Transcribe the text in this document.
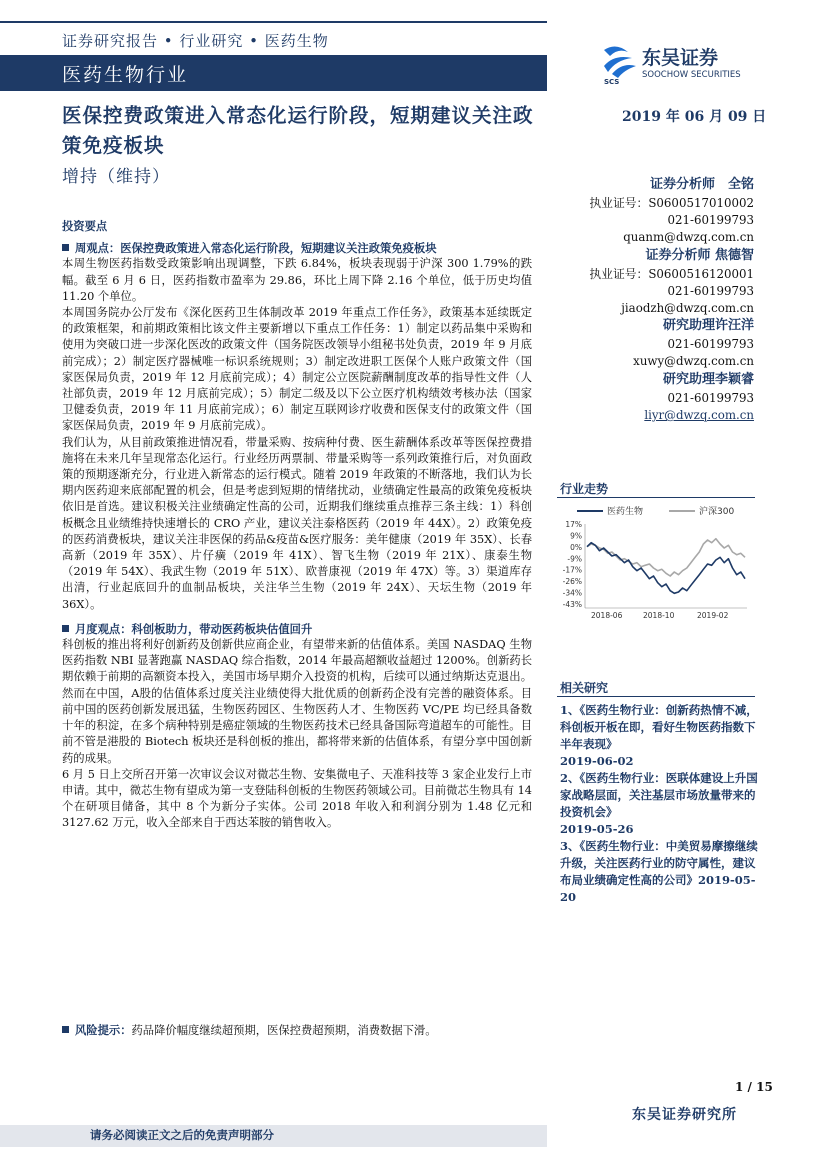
证券研究报告 • 行业研究 • 医药生物
医药生物行业	SCS
东吴证券
SOOCHOW SECURITIES
医保控费政策进入常态化运行阶段，短期建议关注政策免疫板块
增持（维持）
2019 年 06 月 09 日
证券分析师　全铭
执业证号：S0600517010002
021-60199793
quanm@dwzq.com.cn
证券分析师 焦德智
执业证号：S0600516120001
021-60199793
jiaodzh@dwzq.com.cn
研究助理许汪洋
021-60199793
xuwy@dwzq.com.cn
研究助理李颖睿
021-60199793
liyr@dwzq.com.cn
投资要点
周观点：医保控费政策进入常态化运行阶段，短期建议关注政策免疫板块

本周生物医药指数受政策影响出现调整，下跌 6.84%，板块表现弱于沪深 300 1.79%的跌幅。截至 6 月 6 日，医药指数市盈率为 29.86，环比上周下降 2.16 个单位，低于历史均值 11.20 个单位。

本周国务院办公厅发布《深化医药卫生体制改革 2019 年重点工作任务》，政策基本延续既定的政策框架，和前期政策相比该文件主要新增以下重点工作任务：1）制定以药品集中采购和使用为突破口进一步深化医改的政策文件（国务院医改领导小组秘书处负责，2019 年 9 月底前完成）；2）制定医疗器械唯一标识系统规则；3）制定改进职工医保个人账户政策文件（国家医保局负责，2019 年 12 月底前完成）；4）制定公立医院薪酬制度改革的指导性文件（人社部负责，2019 年 12 月底前完成）；5）制定二级及以下公立医疗机构绩效考核办法（国家卫健委负责，2019 年 11 月底前完成）；6）制定互联网诊疗收费和医保支付的政策文件（国家医保局负责，2019 年 9 月底前完成）。

我们认为，从目前政策推进情况看，带量采购、按病种付费、医生薪酬体系改革等医保控费措施将在未来几年呈现常态化运行。行业经历两票制、带量采购等一系列政策推行后，对负面政策的预期逐渐充分，行业进入新常态的运行模式。随着 2019 年政策的不断落地，我们认为长期内医药迎来底部配置的机会，但是考虑到短期的情绪扰动，业绩确定性最高的政策免疫板块依旧是首选。建议积极关注业绩确定性高的公司，近期我们继续重点推荐三条主线：1）科创板概念且业绩维持快速增长的 CRO 产业，建议关注泰格医药（2019 年 44X）。2）政策免疫的医药消费板块，建议关注非医保的药品&疫苗&医疗服务：美年健康（2019 年 35X）、长春高新（2019 年 35X）、片仔癀（2019 年 41X）、智飞生物（2019 年 21X）、康泰生物（2019 年 54X）、我武生物（2019 年 51X）、欧普康视（2019 年 47X）等。3）渠道库存出清，行业起底回升的血制品板块，关注华兰生物（2019 年 24X）、天坛生物（2019 年 36X）。

月度观点：科创板助力，带动医药板块估值回升

科创板的推出将利好创新药及创新供应商企业，有望带来新的估值体系。美国 NASDAQ 生物医药指数 NBI 显著跑赢 NASDAQ 综合指数，2014 年最高超额收益超过 1200%。创新药长期依赖于前期的高额资本投入，美国市场早期介入投资的机构，后续可以通过纳斯达克退出。然而在中国，A股的估值体系过度关注业绩使得大批优质的创新药企没有完善的融资体系。目前中国的医药创新发展迅猛，生物医药园区、生物医药人才、生物医药 VC/PE 均已经具备数十年的积淀，在多个病种特别是癌症领域的生物医药技术已经具备国际弯道超车的可能性。目前不管是港股的 Biotech 板块还是科创板的推出，都将带来新的估值体系，有望分享中国创新药的成果。

6 月 5 日上交所召开第一次审议会议对微芯生物、安集微电子、天准科技等 3 家企业发行上市申请。其中，微芯生物有望成为第一支登陆科创板的生物医药领域公司。目前微芯生物具有 14 个在研项目储备，其中 8 个为新分子实体。公司 2018 年收入和利润分别为 1.48 亿元和 3127.62 万元，收入全部来自于西达苯胺的销售收入。

风险提示：药品降价幅度继续超预期，医保控费超预期，消费数据下滑。
行业走势
医药生物	沪深300
17%
9%
0%
-9%
-17%
-26%
-34%
-43%
2018-06	2018-10	2019-02
相关研究
1、《医药生物行业：创新药热情不减，科创板开板在即，看好生物医药指数下半年表现》
2019-06-02
2、《医药生物行业：医联体建设上升国家战略层面，关注基层市场放量带来的投资机会》
2019-05-26
3、《医药生物行业：中美贸易摩擦继续升级，关注医药行业的防守属性，建议布局业绩确定性高的公司》2019-05-20
1 / 15
东吴证券研究所
请务必阅读正文之后的免责声明部分
